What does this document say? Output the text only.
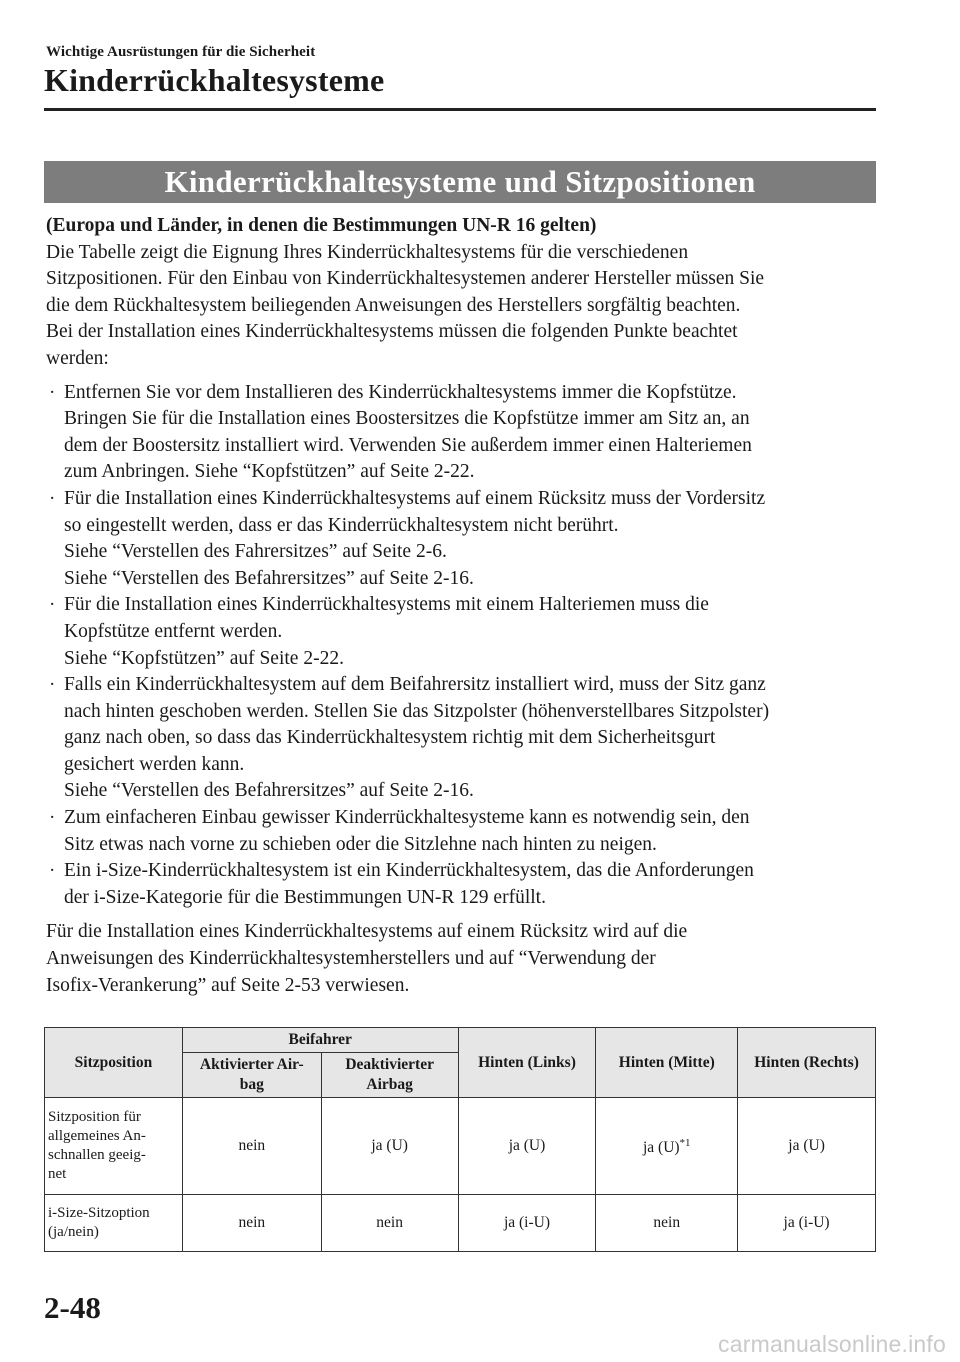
Wichtige Ausrüstungen für die Sicherheit
Kinderrückhaltesysteme
Kinderrückhaltesysteme und Sitzpositionen

(Europa und Länder, in denen die Bestimmungen UN-R 16 gelten)

Die Tabelle zeigt die Eignung Ihres Kinderrückhaltesystems für die verschiedenen
Sitzpositionen. Für den Einbau von Kinderrückhaltesystemen anderer Hersteller müssen Sie
die dem Rückhaltesystem beiliegenden Anweisungen des Herstellers sorgfältig beachten.
Bei der Installation eines Kinderrückhaltesystems müssen die folgenden Punkte beachtet
werden:

· Entfernen Sie vor dem Installieren des Kinderrückhaltesystems immer die Kopfstütze.
Bringen Sie für die Installation eines Boostersitzes die Kopfstütze immer am Sitz an, an
dem der Boostersitz installiert wird. Verwenden Sie außerdem immer einen Halteriemen
zum Anbringen. Siehe “Kopfstützen” auf Seite 2-22.
· Für die Installation eines Kinderrückhaltesystems auf einem Rücksitz muss der Vordersitz
so eingestellt werden, dass er das Kinderrückhaltesystem nicht berührt.
Siehe “Verstellen des Fahrersitzes” auf Seite 2-6.
Siehe “Verstellen des Befahrersitzes” auf Seite 2-16.
· Für die Installation eines Kinderrückhaltesystems mit einem Halteriemen muss die
Kopfstütze entfernt werden.
Siehe “Kopfstützen” auf Seite 2-22.
· Falls ein Kinderrückhaltesystem auf dem Beifahrersitz installiert wird, muss der Sitz ganz
nach hinten geschoben werden. Stellen Sie das Sitzpolster (höhenverstellbares Sitzpolster)
ganz nach oben, so dass das Kinderrückhaltesystem richtig mit dem Sicherheitsgurt
gesichert werden kann.
Siehe “Verstellen des Befahrersitzes” auf Seite 2-16.
· Zum einfacheren Einbau gewisser Kinderrückhaltesysteme kann es notwendig sein, den
Sitz etwas nach vorne zu schieben oder die Sitzlehne nach hinten zu neigen.
· Ein i-Size-Kinderrückhaltesystem ist ein Kinderrückhaltesystem, das die Anforderungen
der i-Size-Kategorie für die Bestimmungen UN-R 129 erfüllt.

Für die Installation eines Kinderrückhaltesystems auf einem Rücksitz wird auf die
Anweisungen des Kinderrückhaltesystemherstellers und auf “Verwendung der
Isofix-Verankerung” auf Seite 2-53 verwiesen.

Sitzposition	Beifahrer		Hinten (Links)	Hinten (Mitte)	Hinten (Rechts)

	Aktivierter Air-
bag	Deaktivierter
Airbag			

Sitzposition für
allgemeines An-
schnallen geeig-
net	nein	ja (U)	ja (U)	ja $(U)^{*1}$	ja (U)

i-Size-Sitzoption
(ja/nein)	nein	nein	ja (i-U)	nein	ja (i-U)
2-48
carmanualsonline.info
